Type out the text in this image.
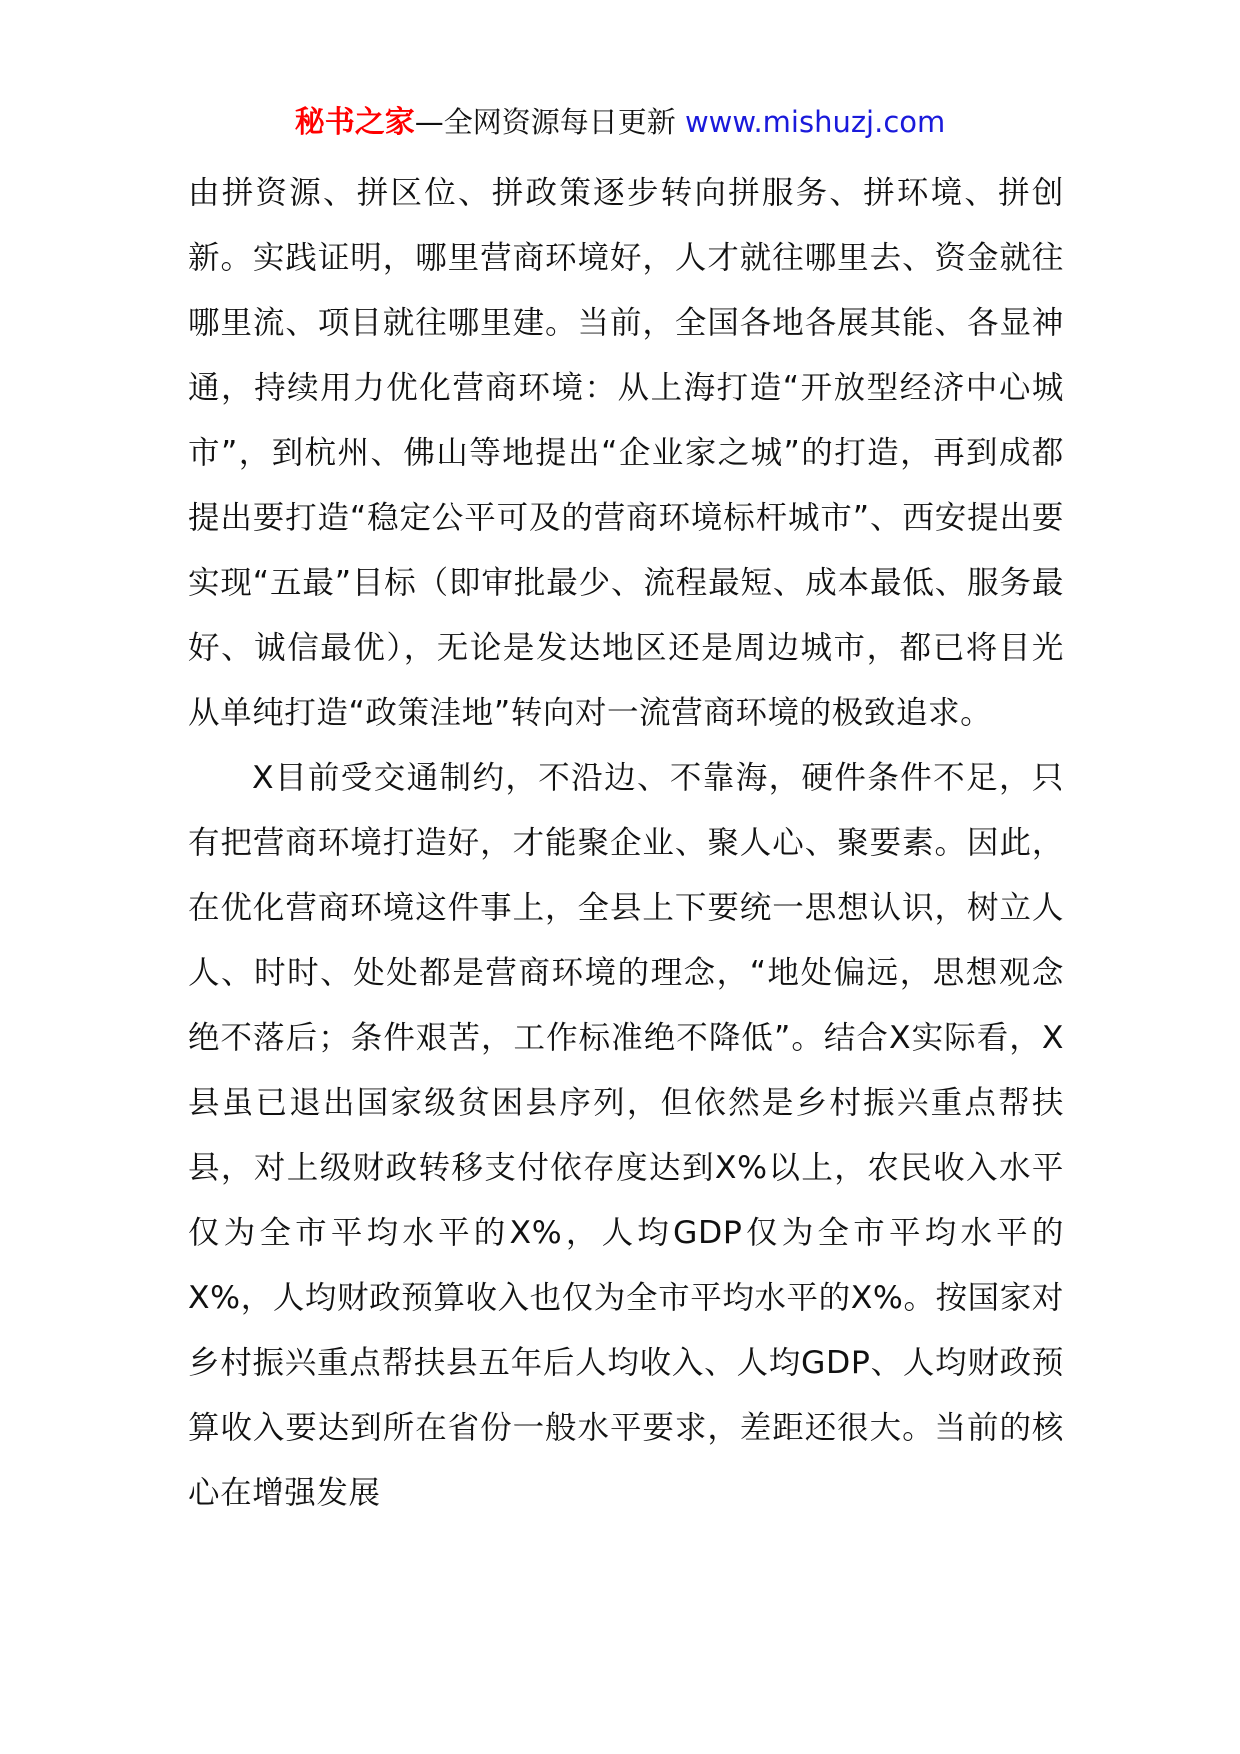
秘书之家—全网资源每日更新 www.mishuzj.com

由拼资源、拼区位、拼政策逐步转向拼服务、拼环境、拼创新。实践证明，哪里营商环境好，人才就往哪里去、资金就往哪里流、项目就往哪里建。当前，全国各地各展其能、各显神通，持续用力优化营商环境：从上海打造“开放型经济中心城市”，到杭州、佛山等地提出“企业家之城”的打造，再到成都提出要打造“稳定公平可及的营商环境标杆城市”、西安提出要实现“五最”目标（即审批最少、流程最短、成本最低、服务最好、诚信最优），无论是发达地区还是周边城市，都已将目光从单纯打造“政策洼地”转向对一流营商环境的极致追求。

X目前受交通制约，不沿边、不靠海，硬件条件不足，只有把营商环境打造好，才能聚企业、聚人心、聚要素。因此，在优化营商环境这件事上，全县上下要统一思想认识，树立人人、时时、处处都是营商环境的理念，“地处偏远，思想观念绝不落后；条件艰苦，工作标准绝不降低”。结合X实际看，X县虽已退出国家级贫困县序列，但依然是乡村振兴重点帮扶县，对上级财政转移支付依存度达到X%以上，农民收入水平仅为全市平均水平的X%，人均GDP仅为全市平均水平的X%，人均财政预算收入也仅为全市平均水平的X%。按国家对乡村振兴重点帮扶县五年后人均收入、人均GDP、人均财政预算收入要达到所在省份一般水平要求，差距还很大。当前的核心在增强发展
